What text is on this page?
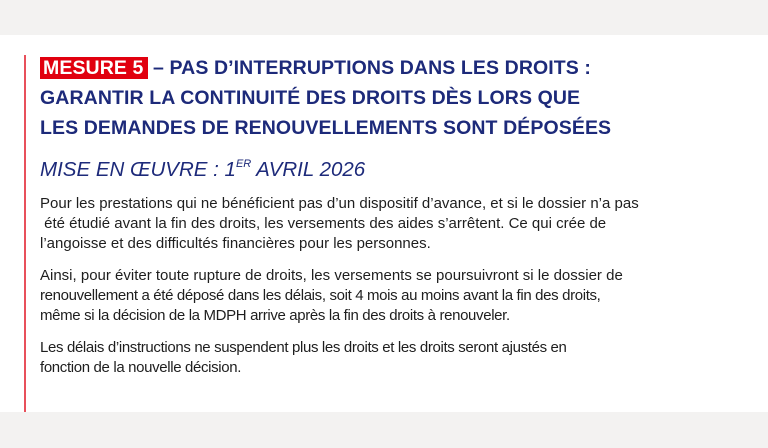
MESURE 5 – PAS D’INTERRUPTIONS DANS LES DROITS :
GARANTIR LA CONTINUITÉ DES DROITS DÈS LORS QUE
LES DEMANDES DE RENOUVELLEMENTS SONT DÉPOSÉES
MISE EN ŒUVRE : 1ER AVRIL 2026

Pour les prestations qui ne bénéficient pas d’un dispositif d’avance, et si le dossier n’a pas
été étudié avant la fin des droits, les versements des aides s’arrêtent. Ce qui crée de
l’angoisse et des difficultés financières pour les personnes.

Ainsi, pour éviter toute rupture de droits, les versements se poursuivront si le dossier de
renouvellement a été déposé dans les délais, soit 4 mois au moins avant la fin des droits,
même si la décision de la MDPH arrive après la fin des droits à renouveler.

Les délais d’instructions ne suspendent plus les droits et les droits seront ajustés en
fonction de la nouvelle décision.
